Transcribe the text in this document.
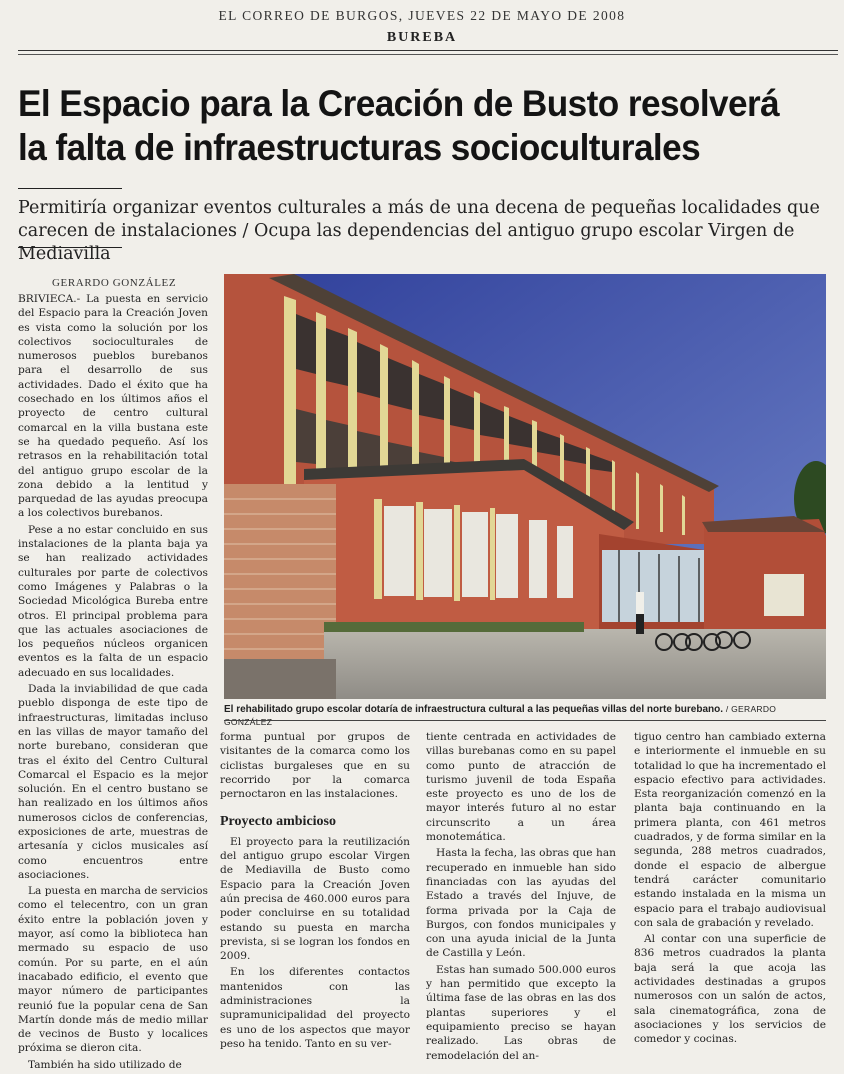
EL CORREO DE BURGOS, JUEVES 22 DE MAYO DE 2008
BUREBA
El Espacio para la Creación de Busto resolverá
la falta de infraestructuras socioculturales
Permitiría organizar eventos culturales a más de una decena de pequeñas localidades que carecen de instalaciones / Ocupa las dependencias del antiguo grupo escolar Virgen de Mediavilla
GERARDO GONZÁLEZ

BRIVIECA.- La puesta en servicio del Espacio para la Creación Joven es vista como la solución por los colectivos socioculturales de numerosos pueblos burebanos para el desarrollo de sus actividades. Dado el éxito que ha cosechado en los últimos años el proyecto de centro cultural comarcal en la villa bustana este se ha quedado pequeño. Así los retrasos en la rehabilitación total del antiguo grupo escolar de la zona debido a la lentitud y parquedad de las ayudas preocupa a los colectivos burebanos.

Pese a no estar concluido en sus instalaciones de la planta baja ya se han realizado actividades culturales por parte de colectivos como Imágenes y Palabras o la Sociedad Micológica Bureba entre otros. El principal problema para que las actuales asociaciones de los pequeños núcleos organicen eventos es la falta de un espacio adecuado en sus localidades.

Dada la inviabilidad de que cada pueblo disponga de este tipo de infraestructuras, limitadas incluso en las villas de mayor tamaño del norte burebano, consideran que tras el éxito del Centro Cultural Comarcal el Espacio es la mejor solución. En el centro bustano se han realizado en los últimos años numerosos ciclos de conferencias, exposiciones de arte, muestras de artesanía y ciclos musicales así como encuentros entre asociaciones.

La puesta en marcha de servicios como el telecentro, con un gran éxito entre la población joven y mayor, así como la biblioteca han mermado su espacio de uso común. Por su parte, en el aún inacabado edificio, el evento que mayor número de participantes reunió fue la popular cena de San Martín donde más de medio millar de vecinos de Busto y localices próxima se dieron cita.

También ha sido utilizado de

El rehabilitado grupo escolar dotaría de infraestructura cultural a las pequeñas villas del norte burebano. / GERARDO GONZÁLEZ

forma puntual por grupos de visitantes de la comarca como los ciclistas burgaleses que en su recorrido por la comarca pernoctaron en las instalaciones.

Proyecto ambicioso

El proyecto para la reutilización del antiguo grupo escolar Virgen de Mediavilla de Busto como Espacio para la Creación Joven aún precisa de 460.000 euros para poder concluirse en su totalidad estando su puesta en marcha prevista, si se logran los fondos en 2009.

En los diferentes contactos mantenidos con las administraciones la supramunicipalidad del proyecto es uno de los aspectos que mayor peso ha tenido. Tanto en su ver-

tiente centrada en actividades de villas burebanas como en su papel como punto de atracción de turismo juvenil de toda España este proyecto es uno de los de mayor interés futuro al no estar circunscrito a un área monotemática.

Hasta la fecha, las obras que han recuperado en inmueble han sido financiadas con las ayudas del Estado a través del Injuve, de forma privada por la Caja de Burgos, con fondos municipales y con una ayuda inicial de la Junta de Castilla y León.

Estas han sumado 500.000 euros y han permitido que excepto la última fase de las obras en las dos plantas superiores y el equipamiento preciso se hayan realizado. Las obras de remodelación del an-

tiguo centro han cambiado externa e interiormente el inmueble en su totalidad lo que ha incrementado el espacio efectivo para actividades. Esta reorganización comenzó en la planta baja continuando en la primera planta, con 461 metros cuadrados, y de forma similar en la segunda, 288 metros cuadrados, donde el espacio de albergue tendrá carácter comunitario estando instalada en la misma un espacio para el trabajo audiovisual con sala de grabación y revelado.

Al contar con una superficie de 836 metros cuadrados la planta baja será la que acoja las actividades destinadas a grupos numerosos con un salón de actos, sala cinematográfica, zona de asociaciones y los servicios de comedor y cocinas.
